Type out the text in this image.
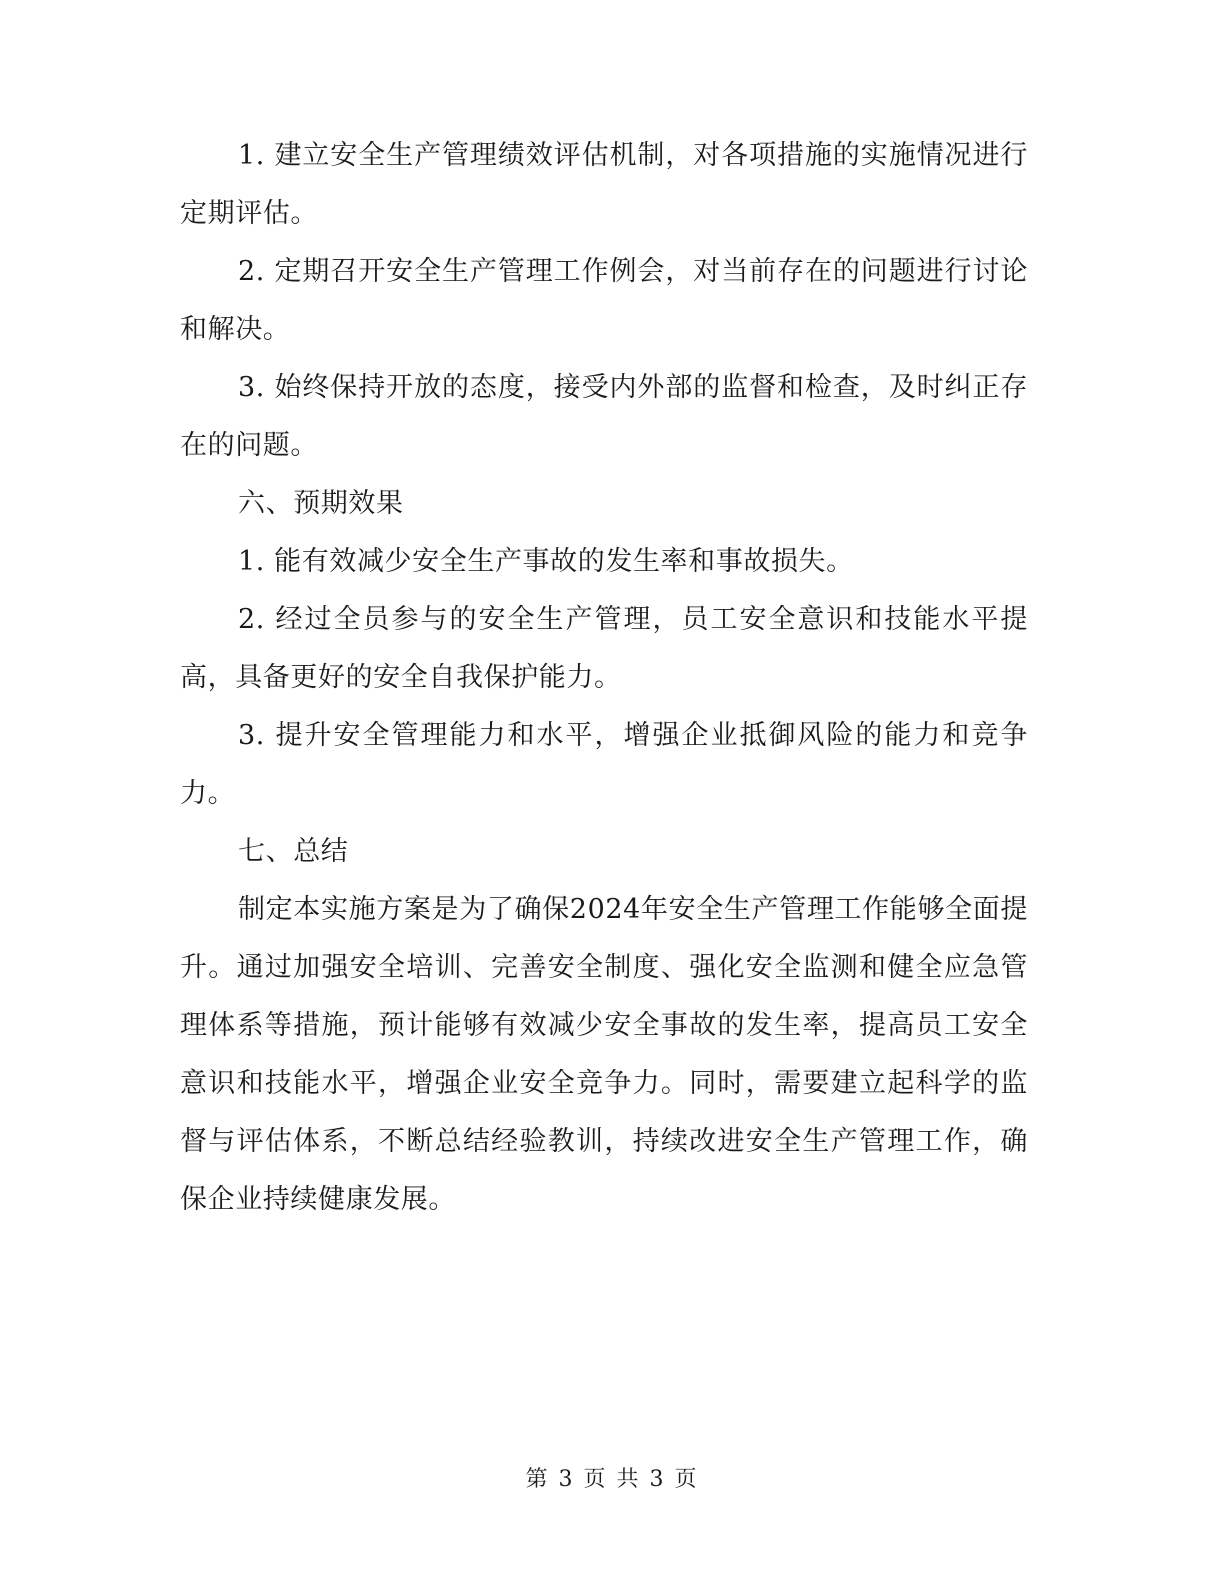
1. 建立安全生产管理绩效评估机制，对各项措施的实施情况进行定期评估。

2. 定期召开安全生产管理工作例会，对当前存在的问题进行讨论和解决。

3. 始终保持开放的态度，接受内外部的监督和检查，及时纠正存在的问题。

六、预期效果

1. 能有效减少安全生产事故的发生率和事故损失。

2. 经过全员参与的安全生产管理，员工安全意识和技能水平提高，具备更好的安全自我保护能力。

3. 提升安全管理能力和水平，增强企业抵御风险的能力和竞争力。

七、总结

制定本实施方案是为了确保2024年安全生产管理工作能够全面提升。通过加强安全培训、完善安全制度、强化安全监测和健全应急管理体系等措施，预计能够有效减少安全事故的发生率，提高员工安全意识和技能水平，增强企业安全竞争力。同时，需要建立起科学的监督与评估体系，不断总结经验教训，持续改进安全生产管理工作，确保企业持续健康发展。

第 3 页 共 3 页
